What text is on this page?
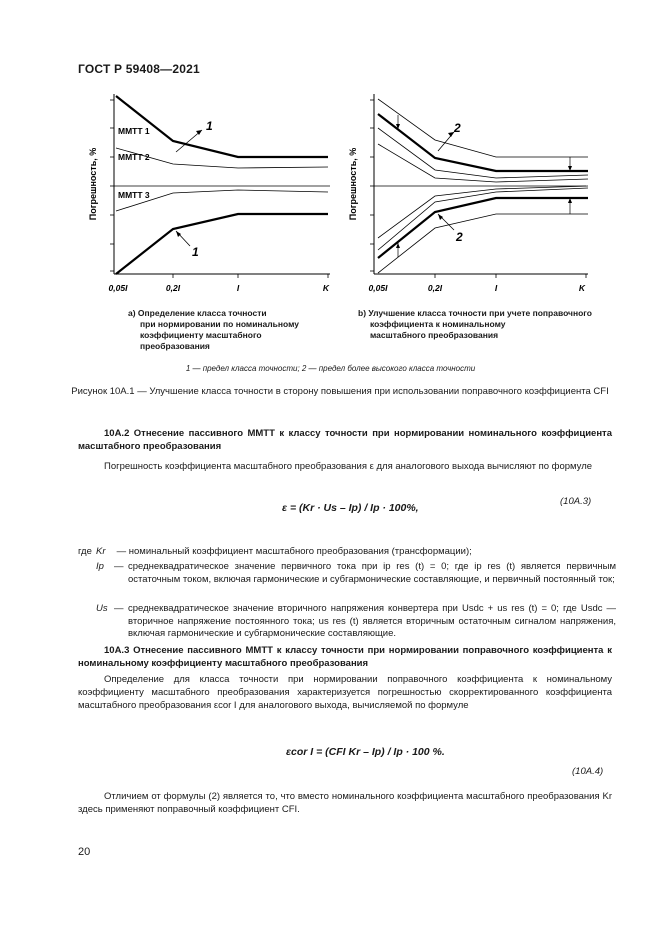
ГОСТ Р 59408—2021
Погрешность, %
ММТТ 1
ММТТ 2
ММТТ 3
1
1
0,05I	0,2I	I	K
Погрешность, %
2
2
0,05I	0,2I	I	K
а) Определение класса точности
при нормировании по номинальному
коэффициенту масштабного
преобразования
b) Улучшение класса точности при учете поправочного
коэффициента к номинальному
масштабного преобразования
1 — предел класса точности; 2 — предел более высокого класса точности
Рисунок 10А.1 — Улучшение класса точности в сторону повышения при использовании поправочного коэффициента CFI
10А.2 Отнесение пассивного ММТТ к классу точности при нормировании номинального коэффициента масштабного преобразования
Погрешность коэффициента масштабного преобразования ε для аналогового выхода вычисляют по формуле
ε = (Kr · Us – Ip) / Ip · 100%,
(10А.3)
где Kr — номинальный коэффициент масштабного преобразования (трансформации);
Ip	— среднеквадратическое значение первичного тока при ip res (t) = 0; где ip res (t) является первичным остаточным током, включая гармонические и субгармонические составляющие, и первичный постоянный ток;
Us — среднеквадратическое значение вторичного напряжения конвертера при Usdc + us res (t) = 0; где Usdc — вторичное напряжение постоянного тока; us res (t) является вторичным остаточным сигналом напряжения, включая гармонические и субгармонические составляющие.
10А.3 Отнесение пассивного ММТТ к классу точности при нормировании поправочного коэффициента к номинальному коэффициенту масштабного преобразования
Определение для класса точности при нормировании поправочного коэффициента к номинальному коэффициенту масштабного преобразования характеризуется погрешностью скорректированного коэффициента масштабного преобразования εcor I для аналогового выхода, вычисляемой по формуле
εcor I = (CFI Kr – Ip) / Ip · 100 %.
(10А.4)
Отличием от формулы (2) является то, что вместо номинального коэффициента масштабного преобразования Kr здесь применяют поправочный коэффициент CFI.
20
